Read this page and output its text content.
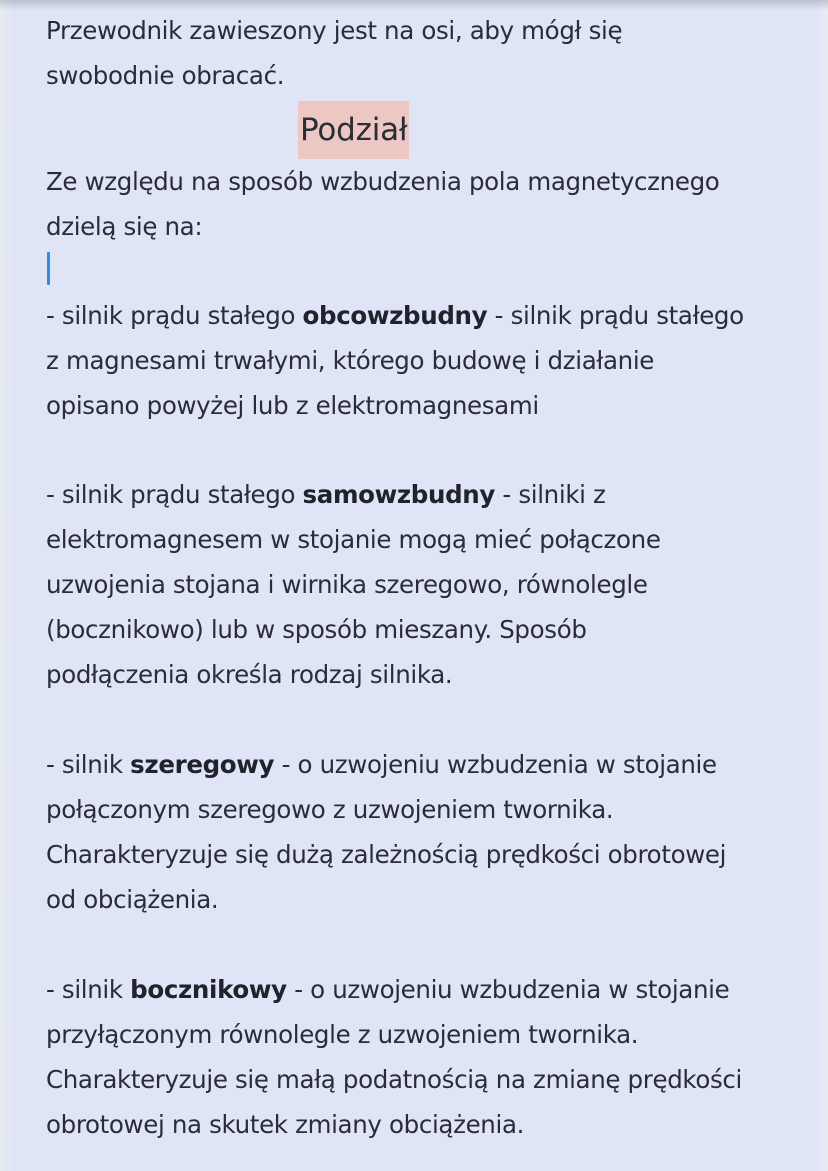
Przewodnik zawieszony jest na osi, aby mógł się
swobodnie obracać.
Podział
Ze względu na sposób wzbudzenia pola magnetycznego
dzielą się na:
- silnik prądu stałego obcowzbudny - silnik prądu stałego
z magnesami trwałymi, którego budowę i działanie
opisano powyżej lub z elektromagnesami
- silnik prądu stałego samowzbudny - silniki z
elektromagnesem w stojanie mogą mieć połączone
uzwojenia stojana i wirnika szeregowo, równolegle
(bocznikowo) lub w sposób mieszany. Sposób
podłączenia określa rodzaj silnika.
- silnik szeregowy - o uzwojeniu wzbudzenia w stojanie
połączonym szeregowo z uzwojeniem twornika.
Charakteryzuje się dużą zależnością prędkości obrotowej
od obciążenia.
- silnik bocznikowy - o uzwojeniu wzbudzenia w stojanie
przyłączonym równolegle z uzwojeniem twornika.
Charakteryzuje się małą podatnością na zmianę prędkości
obrotowej na skutek zmiany obciążenia.
